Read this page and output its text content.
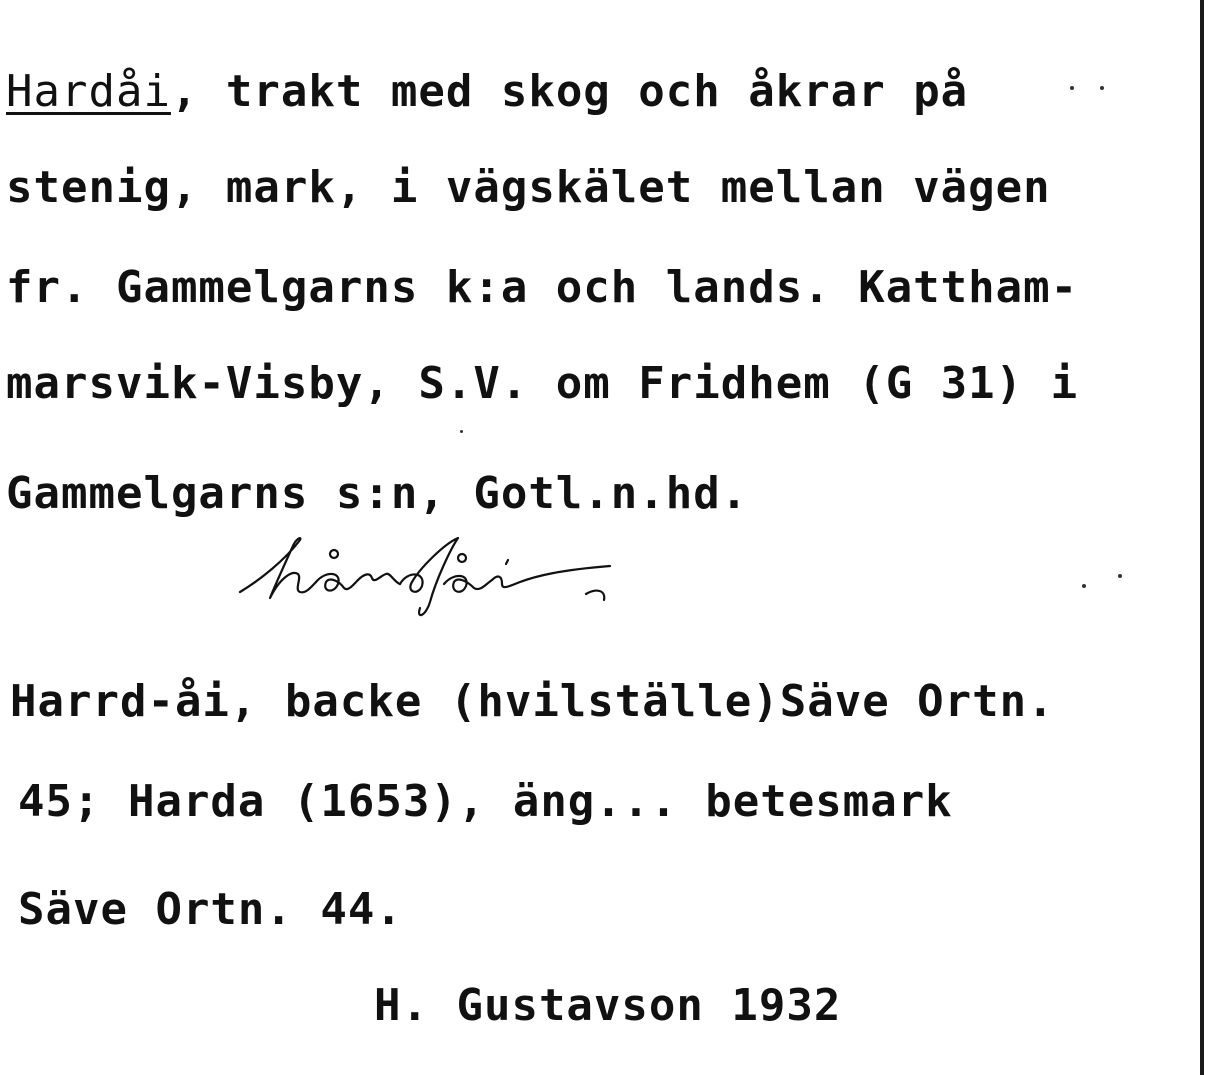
Hardåi, trakt med skog och åkrar på
stenig, mark, i vägskälet mellan vägen
fr. Gammelgarns k:a och lands. Kattham-
marsvik-Visby, S.V. om Fridhem (G 31) i
Gammelgarns s:n, Gotl.n.hd.
Harrd-åi, backe (hvilställe)Säve Ortn.
45; Harda (1653), äng... betesmark
Säve Ortn. 44.
H. Gustavson 1932
